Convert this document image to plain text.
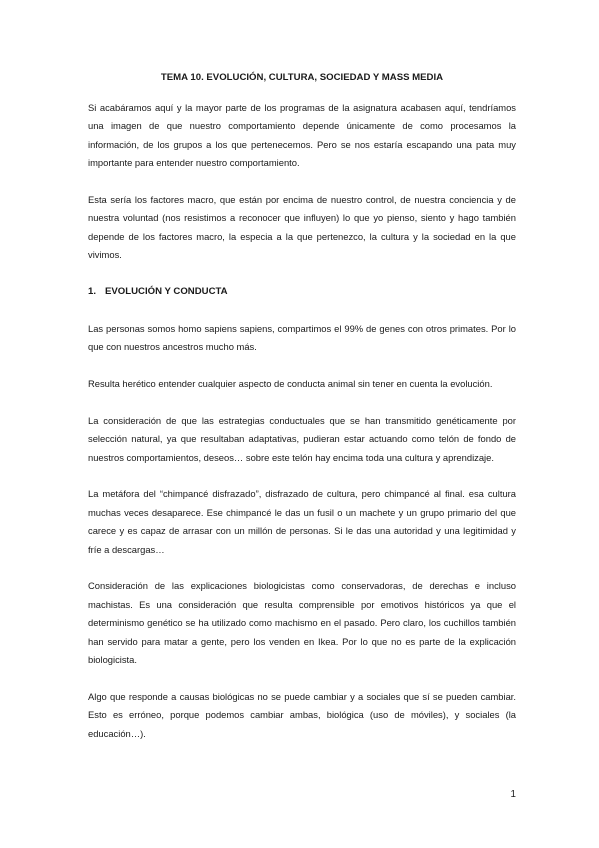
TEMA 10. EVOLUCIÓN, CULTURA, SOCIEDAD Y MASS MEDIA

Si acabáramos aquí y la mayor parte de los programas de la asignatura acabasen aquí, tendríamos una imagen de que nuestro comportamiento depende únicamente de como procesamos la información, de los grupos a los que pertenecemos. Pero se nos estaría escapando una pata muy importante para entender nuestro comportamiento.

Esta sería los factores macro, que están por encima de nuestro control, de nuestra conciencia y de nuestra voluntad (nos resistimos a reconocer que influyen) lo que yo pienso, siento y hago también depende de los factores macro, la especia a la que pertenezco, la cultura y la sociedad en la que vivimos.

1. EVOLUCIÓN Y CONDUCTA

Las personas somos homo sapiens sapiens, compartimos el 99% de genes con otros primates. Por lo que con nuestros ancestros mucho más.

Resulta herético entender cualquier aspecto de conducta animal sin tener en cuenta la evolución.

La consideración de que las estrategias conductuales que se han transmitido genéticamente por selección natural, ya que resultaban adaptativas, pudieran estar actuando como telón de fondo de nuestros comportamientos, deseos… sobre este telón hay encima toda una cultura y aprendizaje.

La metáfora del “chimpancé disfrazado”, disfrazado de cultura, pero chimpancé al final. esa cultura muchas veces desaparece. Ese chimpancé le das un fusil o un machete y un grupo primario del que carece y es capaz de arrasar con un millón de personas. Si le das una autoridad y una legitimidad y fríe a descargas…

Consideración de las explicaciones biologicistas como conservadoras, de derechas e incluso machistas. Es una consideración que resulta comprensible por emotivos históricos ya que el determinismo genético se ha utilizado como machismo en el pasado. Pero claro, los cuchillos también han servido para matar a gente, pero los venden en Ikea. Por lo que no es parte de la explicación biologicista.

Algo que responde a causas biológicas no se puede cambiar y a sociales que sí se pueden cambiar. Esto es erróneo, porque podemos cambiar ambas, biológica (uso de móviles), y sociales (la educación…).

1
